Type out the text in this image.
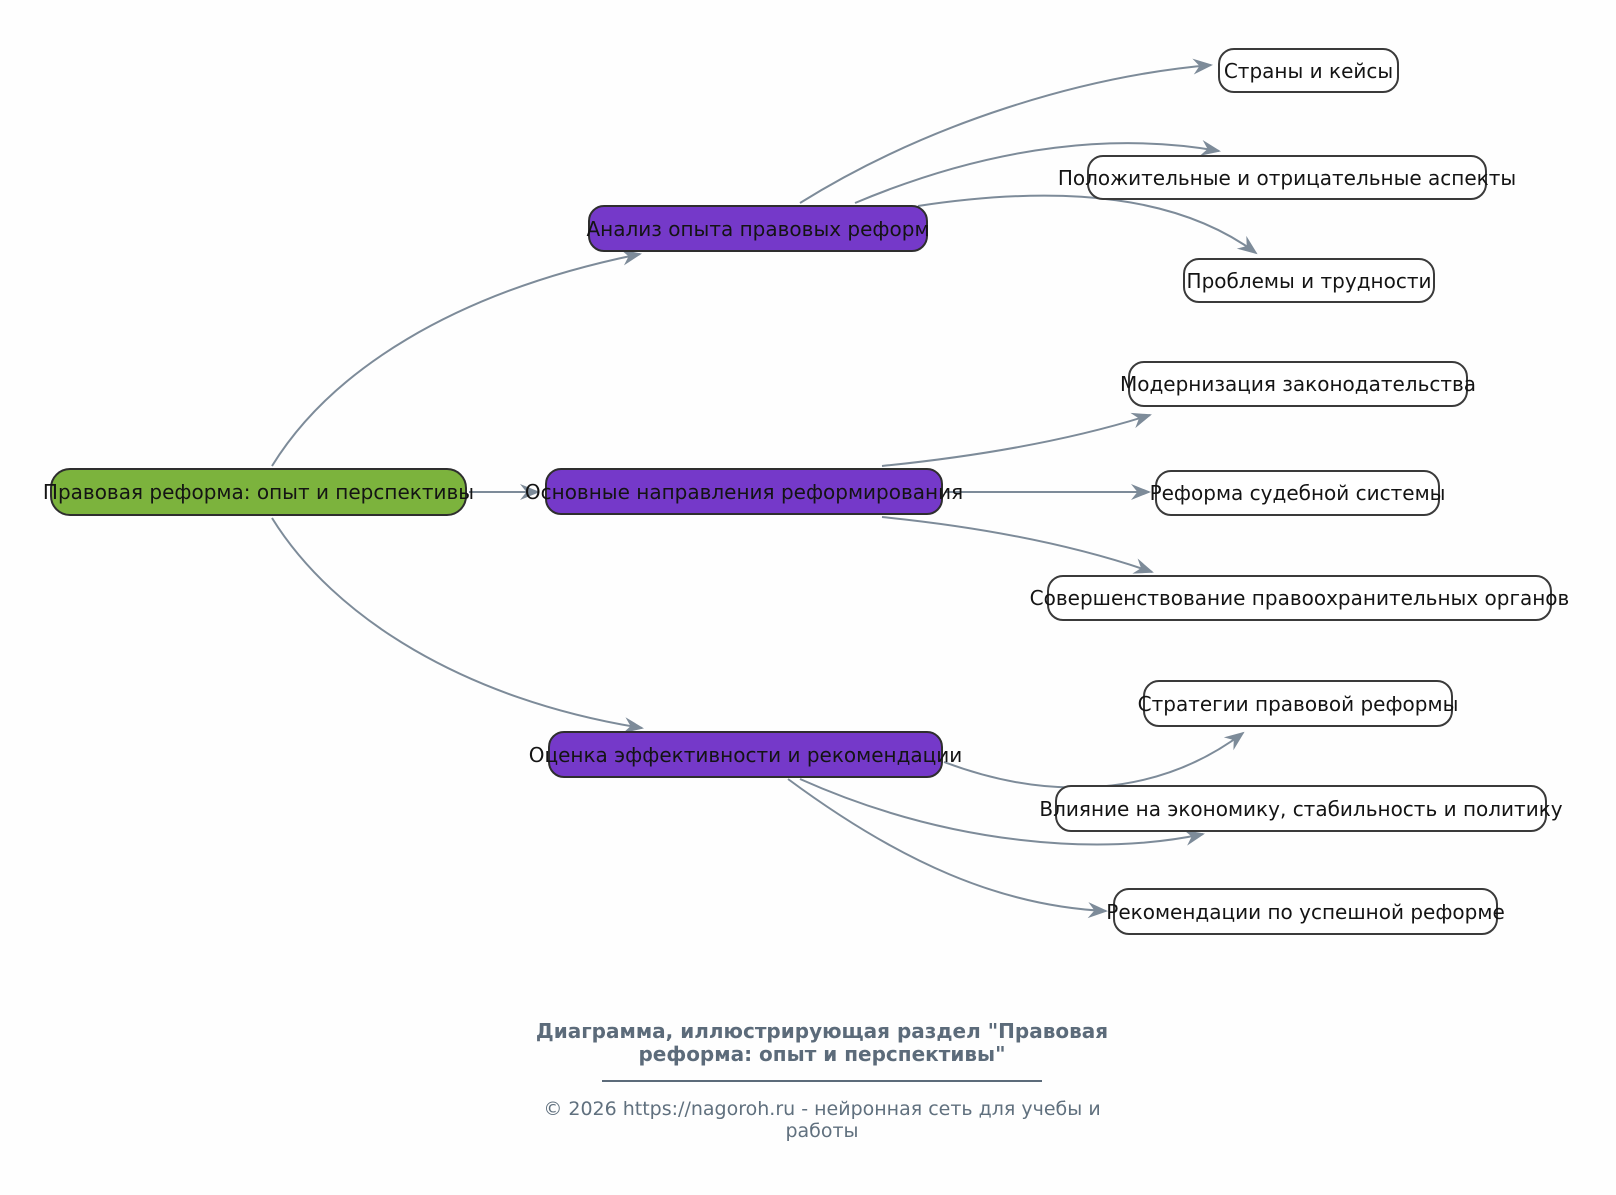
Правовая реформа: опыт и перспективы
Анализ опыта правовых реформ
Основные направления реформирования
Оценка эффективности и рекомендации
Страны и кейсы
Положительные и отрицательные аспекты
Проблемы и трудности
Модернизация законодательства
Реформа судебной системы
Совершенствование правоохранительных органов
Стратегии правовой реформы
Влияние на экономику, стабильность и политику
Рекомендации по успешной реформе
Диаграмма, иллюстрирующая раздел "Правовая
реформа: опыт и перспективы"
© 2026 https://nagoroh.ru - нейронная сеть для учебы и работы
